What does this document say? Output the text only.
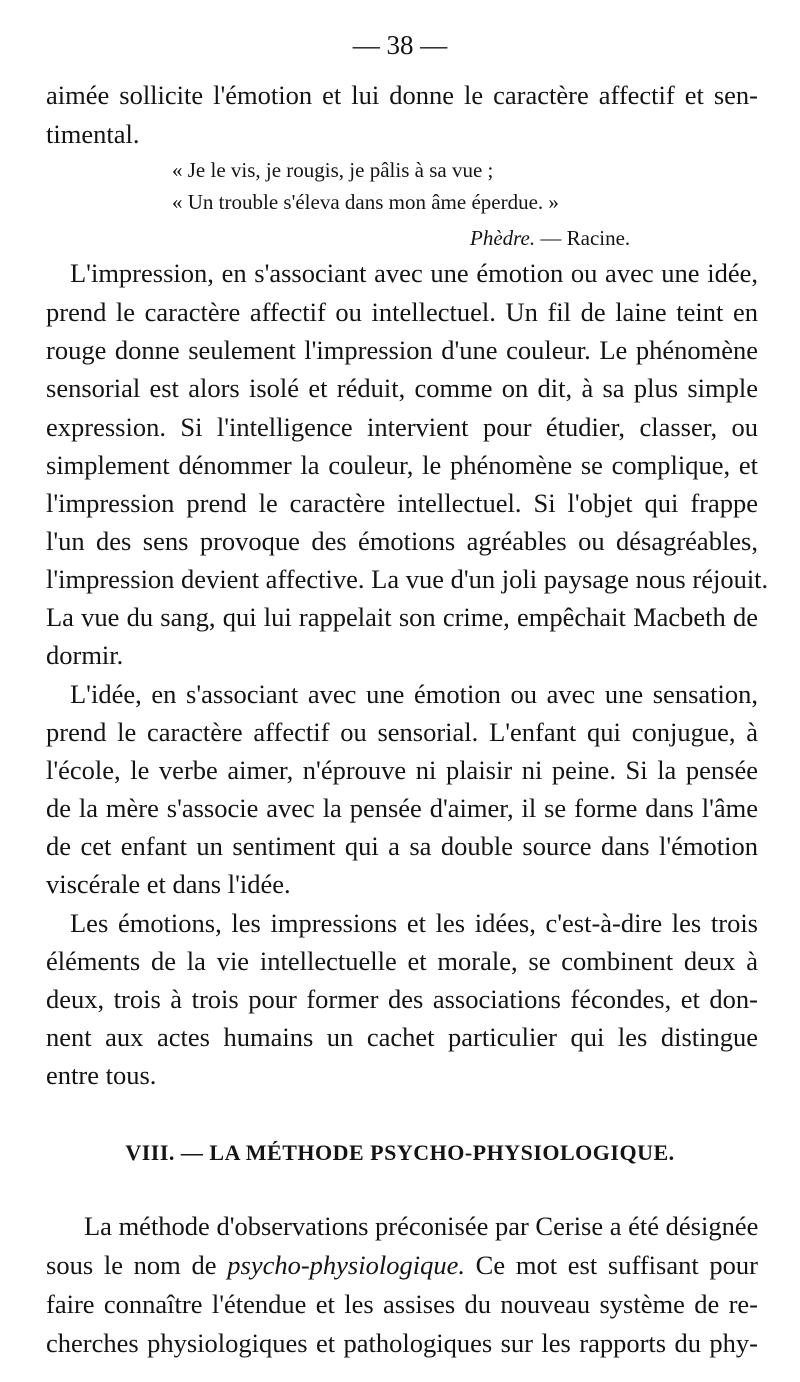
— 38 —
aimée sollicite l'émotion et lui donne le caractère affectif et sen-
timental.
« Je le vis, je rougis, je pâlis à sa vue ;
« Un trouble s'éleva dans mon âme éperdue. »
Phèdre. — Racine.
L'impression, en s'associant avec une émotion ou avec une idée,
prend le caractère affectif ou intellectuel. Un fil de laine teint en
rouge donne seulement l'impression d'une couleur. Le phénomène
sensorial est alors isolé et réduit, comme on dit, à sa plus simple
expression. Si l'intelligence intervient pour étudier, classer, ou
simplement dénommer la couleur, le phénomène se complique, et
l'impression prend le caractère intellectuel. Si l'objet qui frappe
l'un des sens provoque des émotions agréables ou désagréables,
l'impression devient affective. La vue d'un joli paysage nous réjouit.
La vue du sang, qui lui rappelait son crime, empêchait Macbeth de
dormir.
L'idée, en s'associant avec une émotion ou avec une sensation,
prend le caractère affectif ou sensorial. L'enfant qui conjugue, à
l'école, le verbe aimer, n'éprouve ni plaisir ni peine. Si la pensée
de la mère s'associe avec la pensée d'aimer, il se forme dans l'âme
de cet enfant un sentiment qui a sa double source dans l'émotion
viscérale et dans l'idée.
Les émotions, les impressions et les idées, c'est-à-dire les trois
éléments de la vie intellectuelle et morale, se combinent deux à
deux, trois à trois pour former des associations fécondes, et don-
nent aux actes humains un cachet particulier qui les distingue
entre tous.
VIII. — LA MÉTHODE PSYCHO-PHYSIOLOGIQUE.
La méthode d'observations préconisée par Cerise a été désignée
sous le nom de psycho-physiologique. Ce mot est suffisant pour
faire connaître l'étendue et les assises du nouveau système de re-
cherches physiologiques et pathologiques sur les rapports du phy-
